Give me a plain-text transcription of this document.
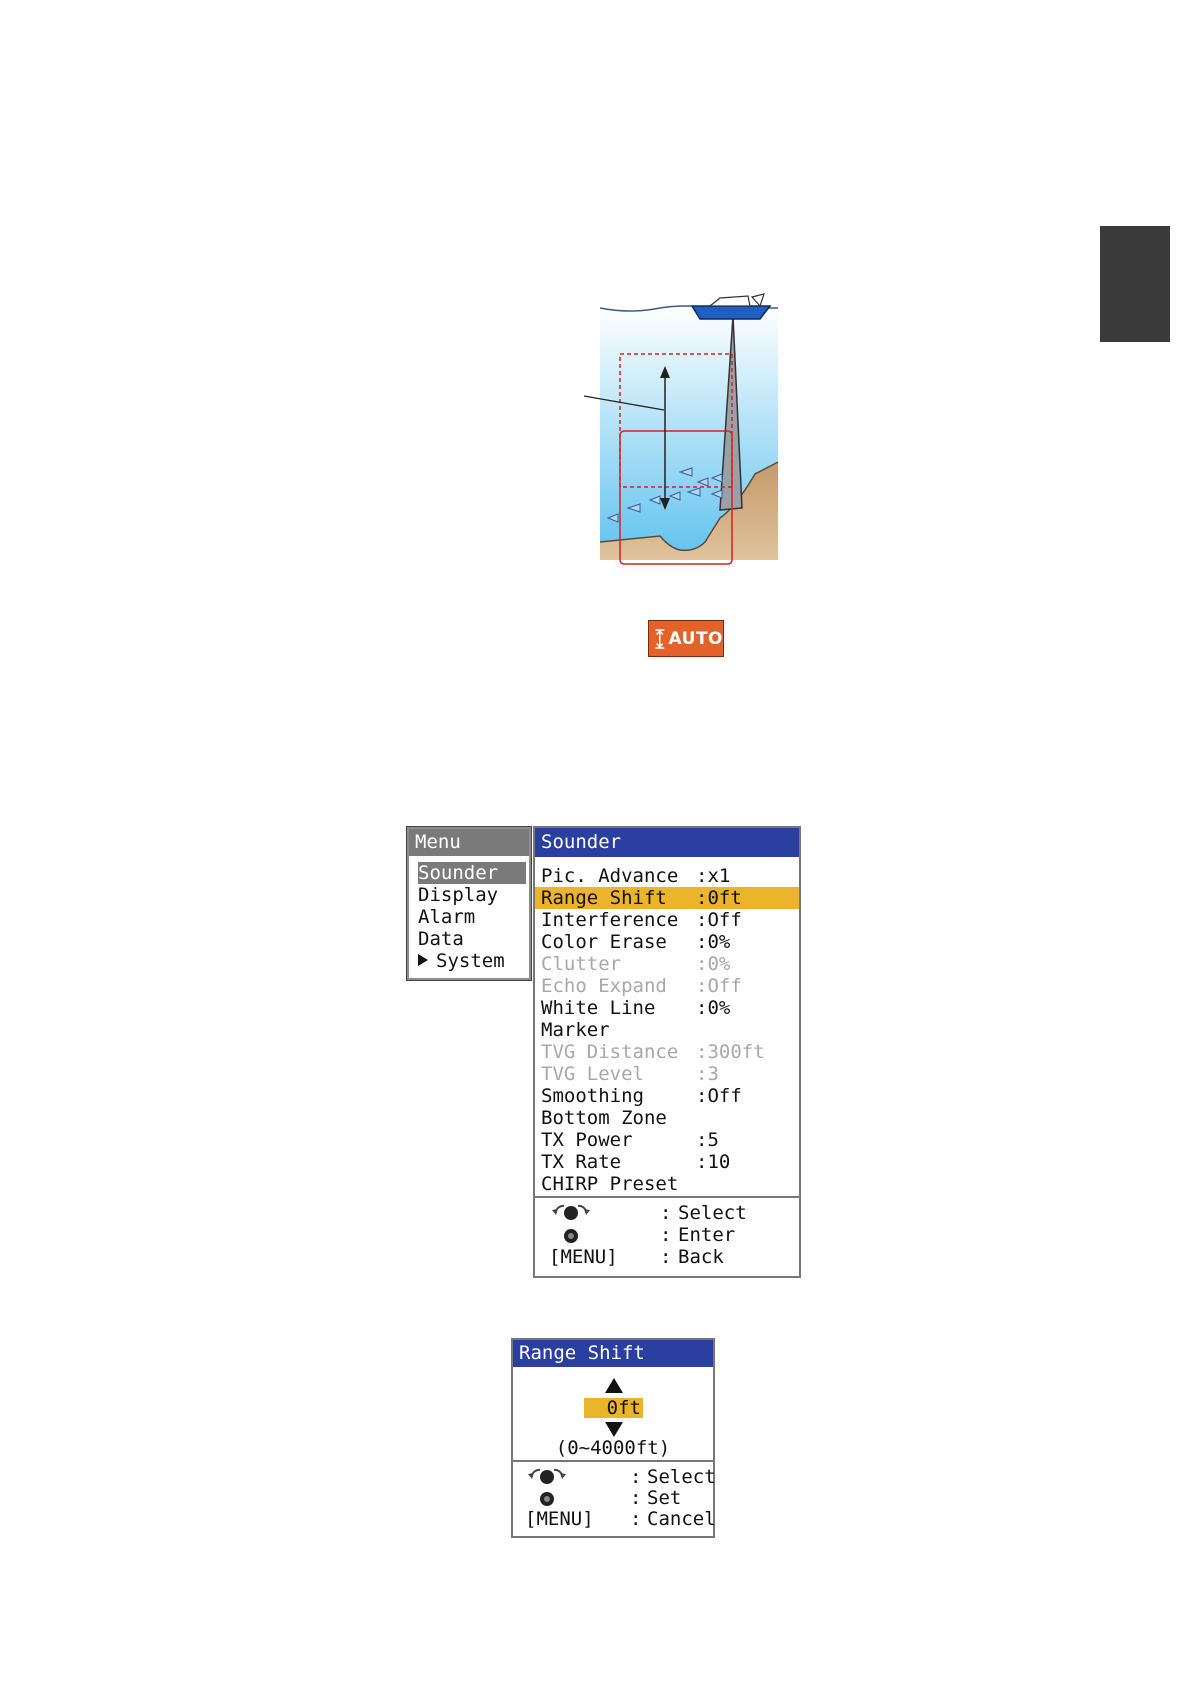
AUTO
Menu
Sounder
Display
Alarm
Data
System
Sounder
Pic. Advance :x1
Range Shift :0ft
Interference :Off
Color Erase :0%
Clutter	:0%
Echo Expand :Off
White Line :0%
Marker
TVG Distance :300ft
TVG Level	:3
Smoothing	:Off
Bottom Zone
TX Power	:5
TX Rate	:10
CHIRP Preset
: Select
: Enter
[MENU] : Back
Range Shift
0ft
(0~4000ft)
: Select
: Set
[MENU] : Cancel
